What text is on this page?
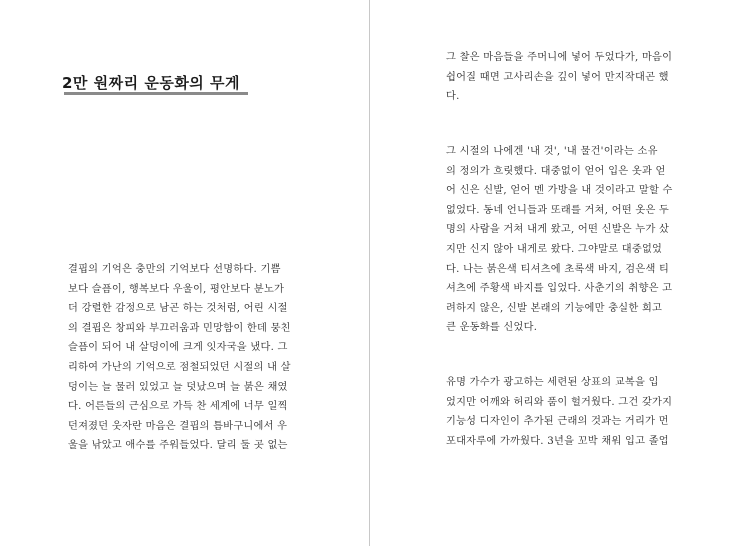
2만 원짜리 운동화의 무게

결핍의 기억은 충만의 기억보다 선명하다. 기쁨
보다 슬픔이, 행복보다 우울이, 평안보다 분노가
더 강렬한 감정으로 남곤 하는 것처럼, 어린 시절
의 결핍은 창피와 부끄러움과 민망함이 한데 뭉친
슬픔이 되어 내 살덩이에 크게 잇자국을 냈다. 그
리하여 가난의 기억으로 점철되었던 시절의 내 살
덩이는 늘 물러 있었고 늘 덧났으며 늘 붉은 채였
다. 어른들의 근심으로 가득 찬 세계에 너무 일찍
던져졌던 웃자란 마음은 결핍의 틈바구니에서 우
울을 낚았고 애수를 주워들었다. 달리 둘 곳 없는

그 찰은 마음들을 주머니에 넣어 두었다가, 마음이
쉽어질 때면 고사리손을 깊이 넣어 만지작대곤 했
다.

그 시절의 나에겐 '내 것', '내 물건'이라는 소유
의 정의가 흐릿했다. 대중없이 얻어 입은 옷과 얻
어 신은 신발, 얻어 멘 가방을 내 것이라고 말할 수
없었다. 동네 언니들과 또래를 거쳐, 어떤 옷은 두
명의 사람을 거쳐 내게 왔고, 어떤 신발은 누가 샀
지만 신지 않아 내게로 왔다. 그야말로 대중없었
다. 나는 붉은색 티셔츠에 초록색 바지, 검은색 티
셔츠에 주황색 바지를 입었다. 사춘기의 취향은 고
려하지 않은, 신발 본래의 기능에만 충실한 희고
큰 운동화를 신었다.

유명 가수가 광고하는 세련된 상표의 교복을 입
었지만 어깨와 허리와 품이 헐거웠다. 그건 갖가지
기능성 디자인이 추가된 근래의 것과는 거리가 먼
포대자루에 가까웠다. 3년을 꼬박 채워 입고 졸업
